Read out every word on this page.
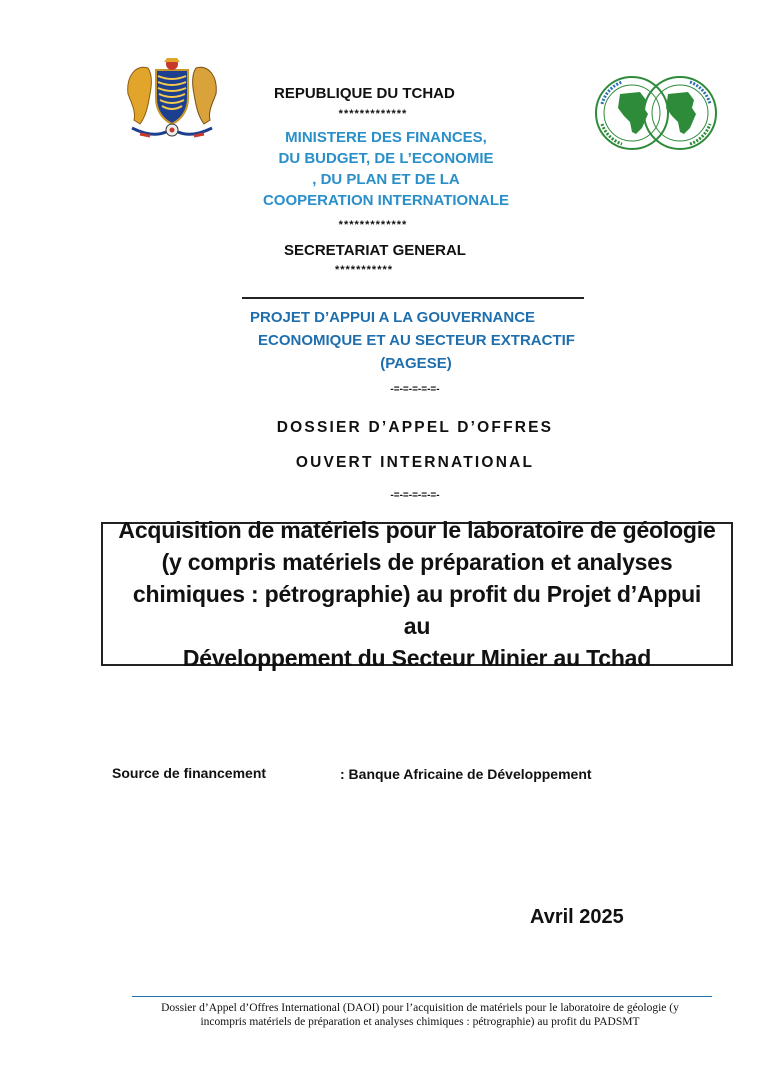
REPUBLIQUE DU TCHAD
*************
MINISTERE DES FINANCES,
DU BUDGET, DE L’ECONOMIE
, DU PLAN ET DE LA
COOPERATION INTERNATIONALE
*************
SECRETARIAT GENERAL
***********
PROJET D’APPUI A LA GOUVERNANCE
ECONOMIQUE ET AU SECTEUR EXTRACTIF
(PAGESE)
-=-=-=-=-=-
DOSSIER D’APPEL D’OFFRES
OUVERT INTERNATIONAL
-=-=-=-=-=-
Acquisition de matériels pour le laboratoire de géologie
(y compris matériels de préparation et analyses
chimiques : pétrographie) au profit du Projet d’Appui au
Développement du Secteur Minier au Tchad
Source de financement	: Banque Africaine de Développement
Avril 2025
Dossier d’Appel d’Offres International (DAOI) pour l’acquisition de matériels pour le laboratoire de géologie (y
incompris matériels de préparation et analyses chimiques : pétrographie) au profit du PADSMT
